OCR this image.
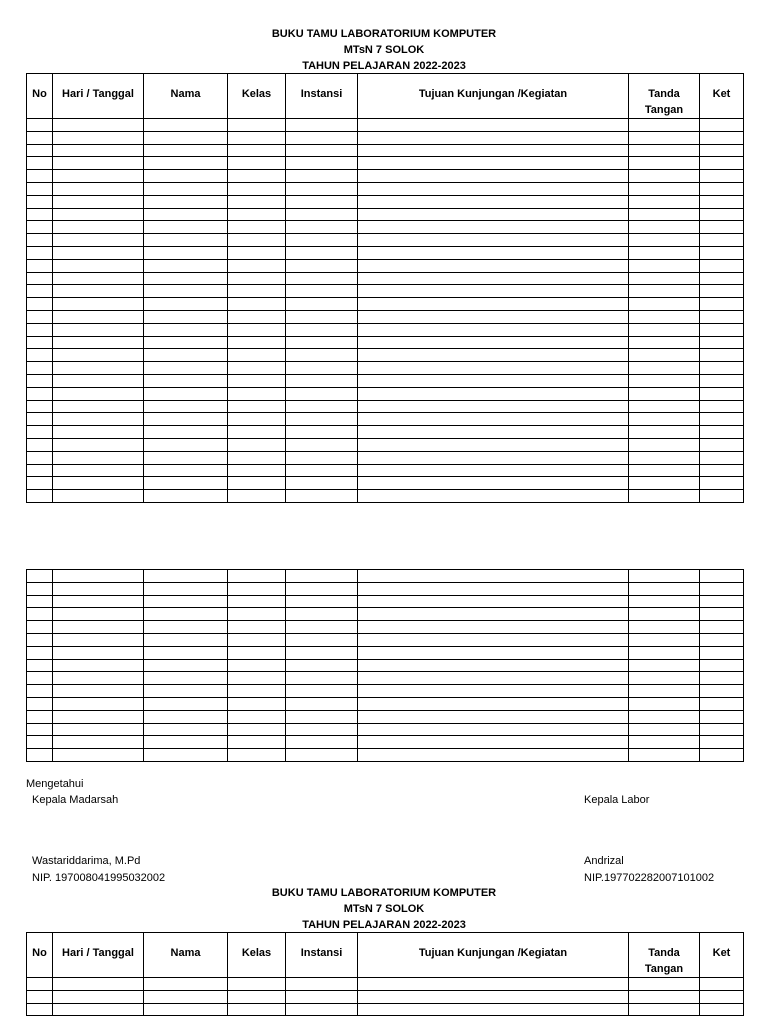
BUKU TAMU LABORATORIUM KOMPUTER
MTsN 7 SOLOK
TAHUN PELAJARAN 2022-2023
No	Hari / Tanggal	Nama	Kelas	Instansi	Tujuan Kunjungan /Kegiatan	Tanda
Tangan	Ket

Mengetahui
Kepala Madarsah	Kepala Labor
Wastariddarima, M.Pd
NIP. 197008041995032002
Andrizal
NIP.197702282007101002
BUKU TAMU LABORATORIUM KOMPUTER
MTsN 7 SOLOK
TAHUN PELAJARAN 2022-2023
No	Hari / Tanggal	Nama	Kelas	Instansi	Tujuan Kunjungan /Kegiatan	Tanda
Tangan	Ket
